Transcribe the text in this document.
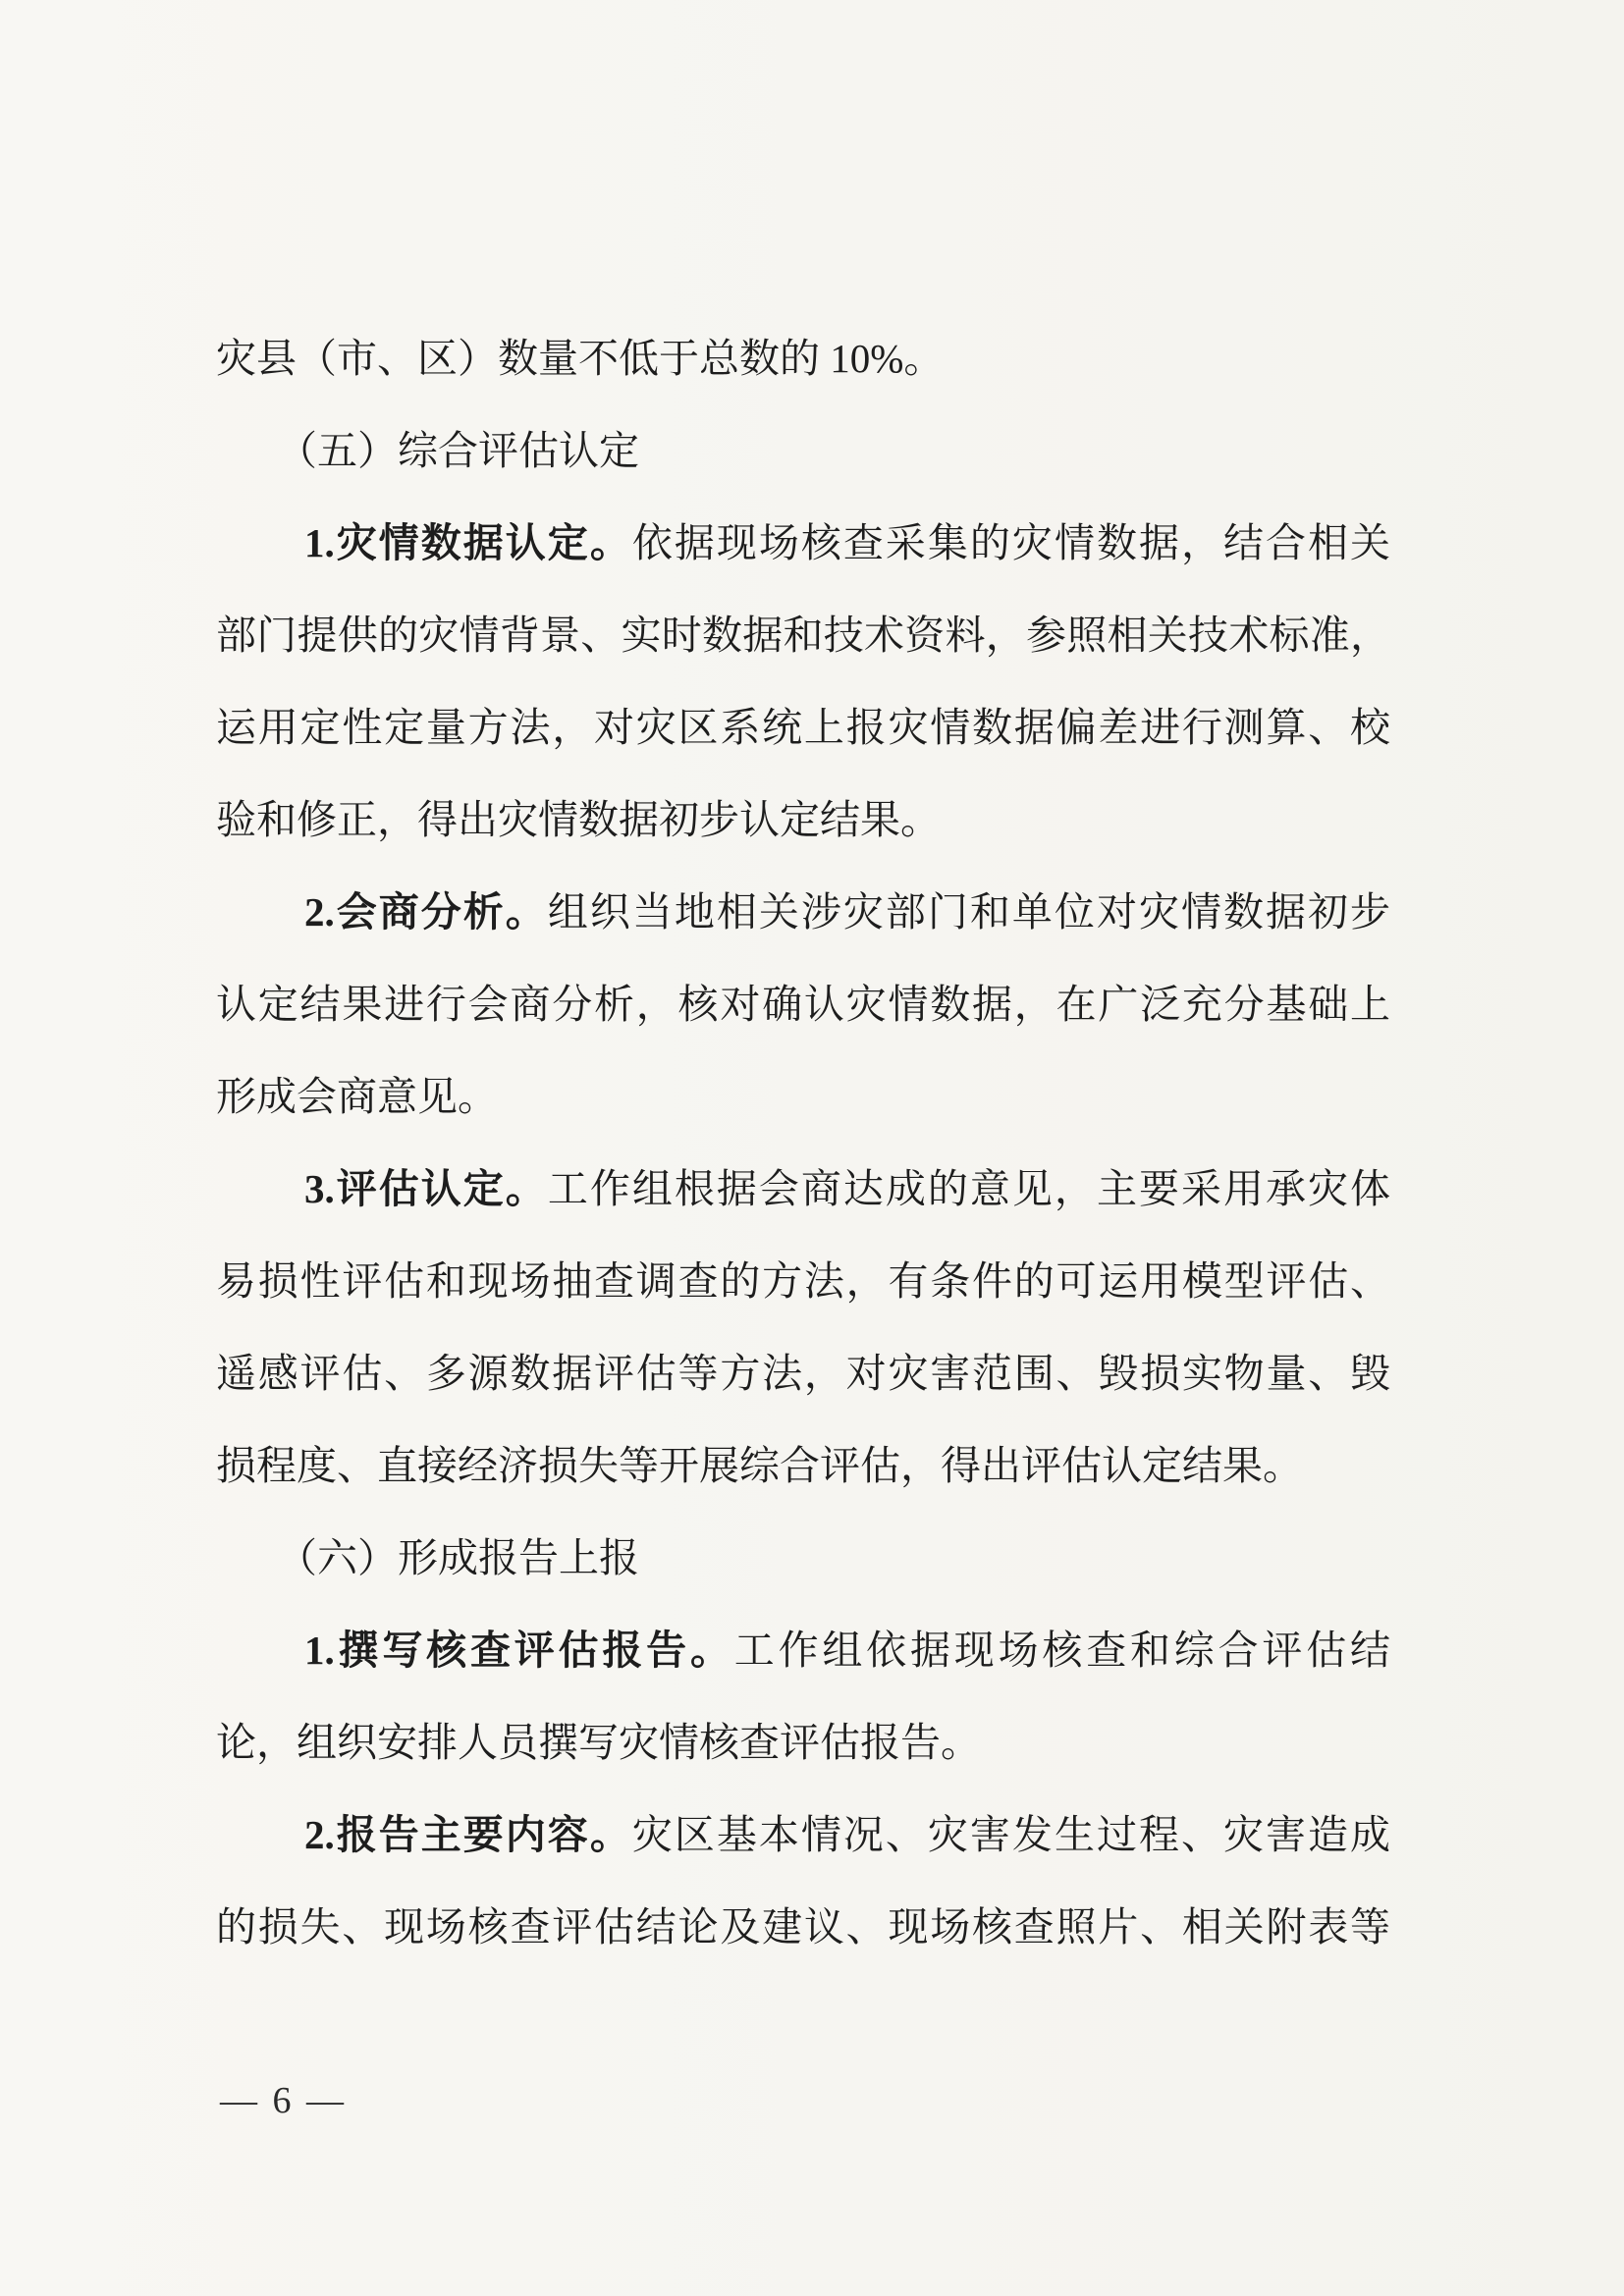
灾县（市、区）数量不低于总数的 10%。
（五）综合评估认定
1.灾情数据认定。依据现场核查采集的灾情数据，结合相关
部门提供的灾情背景、实时数据和技术资料，参照相关技术标准，
运用定性定量方法，对灾区系统上报灾情数据偏差进行测算、校
验和修正，得出灾情数据初步认定结果。
2.会商分析。组织当地相关涉灾部门和单位对灾情数据初步
认定结果进行会商分析，核对确认灾情数据，在广泛充分基础上
形成会商意见。
3.评估认定。工作组根据会商达成的意见，主要采用承灾体
易损性评估和现场抽查调查的方法，有条件的可运用模型评估、
遥感评估、多源数据评估等方法，对灾害范围、毁损实物量、毁
损程度、直接经济损失等开展综合评估，得出评估认定结果。
（六）形成报告上报
1.撰写核查评估报告。工作组依据现场核查和综合评估结
论，组织安排人员撰写灾情核查评估报告。
2.报告主要内容。灾区基本情况、灾害发生过程、灾害造成
的损失、现场核查评估结论及建议、现场核查照片、相关附表等
— 6 —
